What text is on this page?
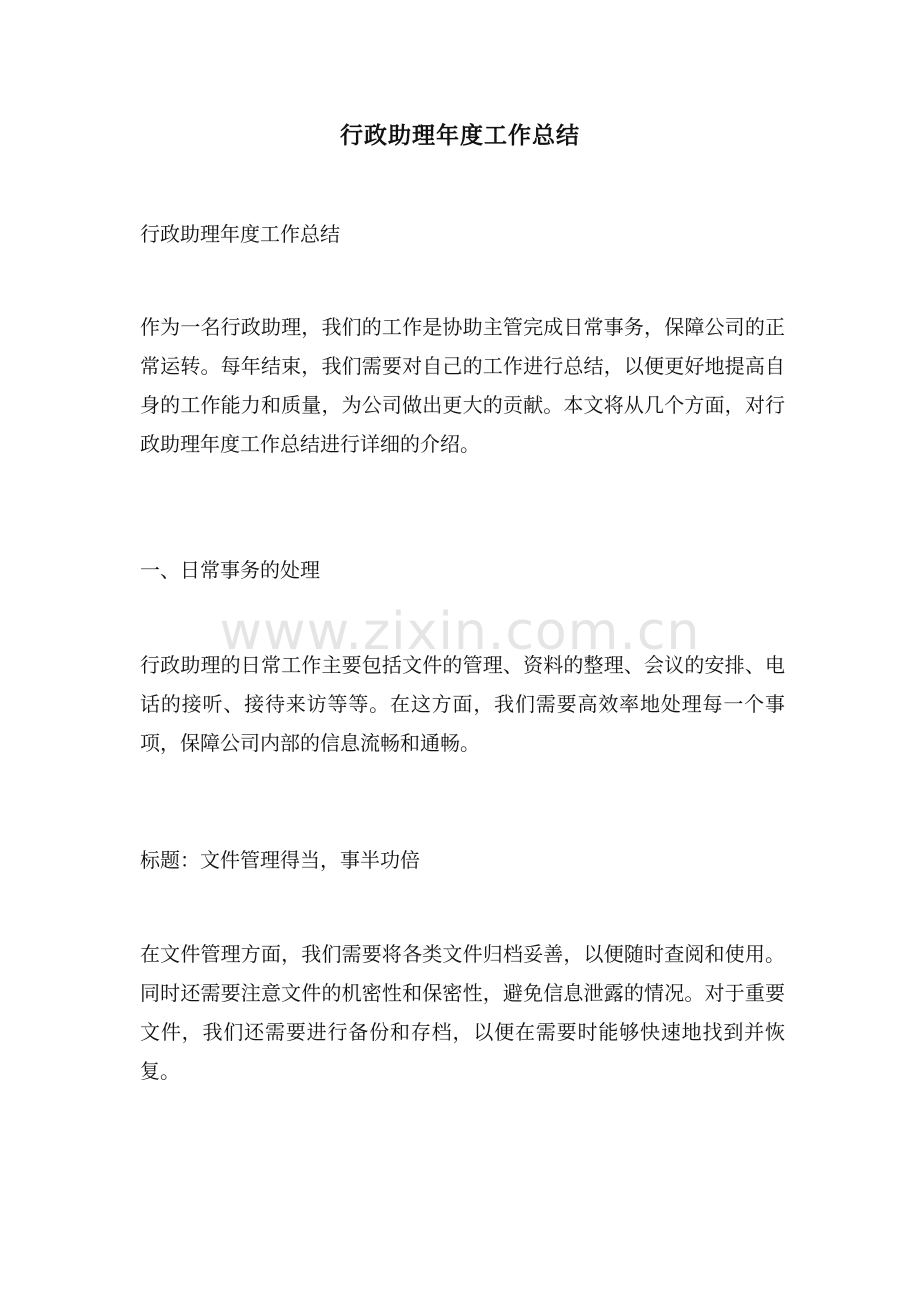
行政助理年度工作总结

行政助理年度工作总结

作为一名行政助理，我们的工作是协助主管完成日常事务，保障公司的正常运转。每年结束，我们需要对自己的工作进行总结，以便更好地提高自身的工作能力和质量，为公司做出更大的贡献。本文将从几个方面，对行政助理年度工作总结进行详细的介绍。

一、日常事务的处理

行政助理的日常工作主要包括文件的管理、资料的整理、会议的安排、电话的接听、接待来访等等。在这方面，我们需要高效率地处理每一个事项，保障公司内部的信息流畅和通畅。

标题：文件管理得当，事半功倍

在文件管理方面，我们需要将各类文件归档妥善，以便随时查阅和使用。同时还需要注意文件的机密性和保密性，避免信息泄露的情况。对于重要文件，我们还需要进行备份和存档，以便在需要时能够快速地找到并恢复。

www.zixin.com.cn
